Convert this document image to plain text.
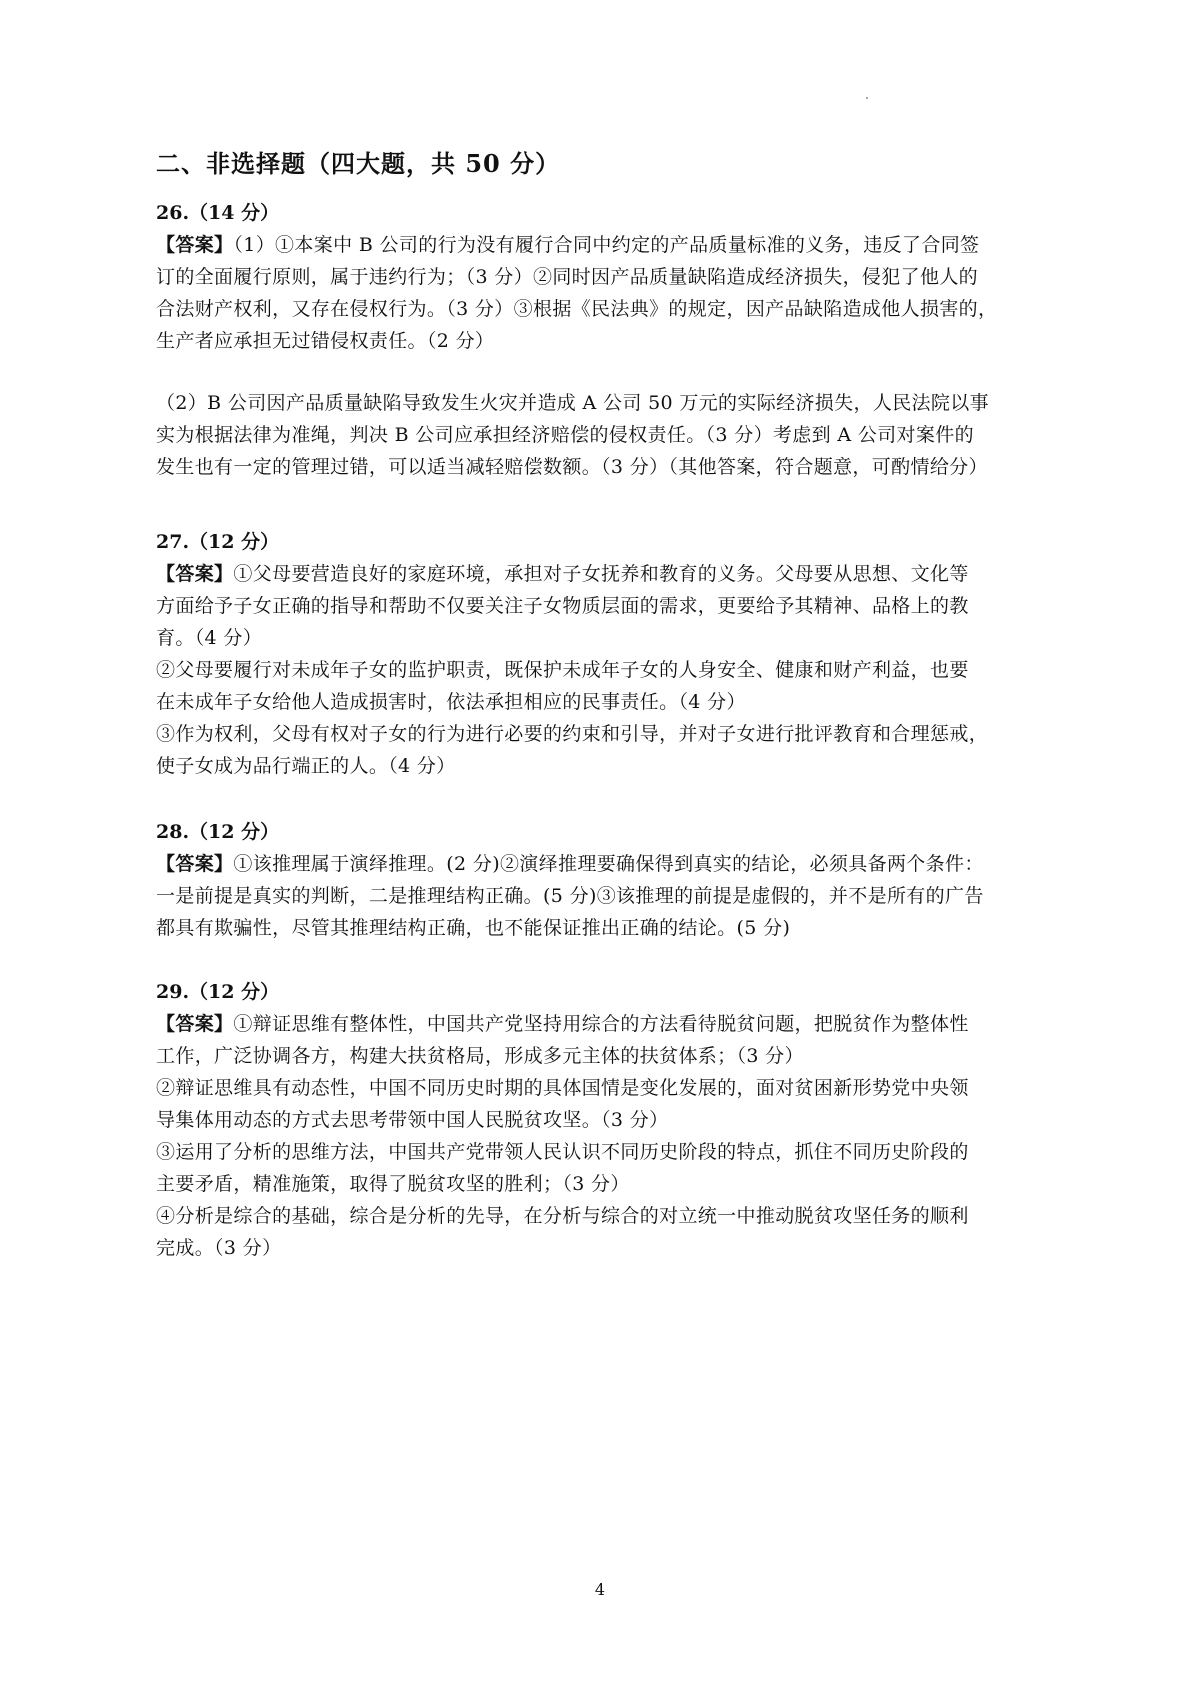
二、非选择题（四大题，共 50 分）
26.（14 分）
【答案】（1）①本案中 B 公司的行为没有履行合同中约定的产品质量标准的义务，违反了合同签
订的全面履行原则，属于违约行为；（3 分）②同时因产品质量缺陷造成经济损失，侵犯了他人的
合法财产权利，又存在侵权行为。（3 分）③根据《民法典》的规定，因产品缺陷造成他人损害的，
生产者应承担无过错侵权责任。（2 分）
（2）B 公司因产品质量缺陷导致发生火灾并造成 A 公司 50 万元的实际经济损失，人民法院以事
实为根据法律为准绳，判决 B 公司应承担经济赔偿的侵权责任。（3 分）考虑到 A 公司对案件的
发生也有一定的管理过错，可以适当减轻赔偿数额。（3 分）（其他答案，符合题意，可酌情给分）
27.（12 分）
【答案】①父母要营造良好的家庭环境，承担对子女抚养和教育的义务。父母要从思想、文化等
方面给予子女正确的指导和帮助不仅要关注子女物质层面的需求，更要给予其精神、品格上的教
育。（4 分）
②父母要履行对未成年子女的监护职责，既保护未成年子女的人身安全、健康和财产利益，也要
在未成年子女给他人造成损害时，依法承担相应的民事责任。（4 分）
③作为权利，父母有权对子女的行为进行必要的约束和引导，并对子女进行批评教育和合理惩戒，
使子女成为品行端正的人。（4 分）
28.（12 分）
【答案】①该推理属于演绎推理。(2 分)②演绎推理要确保得到真实的结论，必须具备两个条件：
一是前提是真实的判断，二是推理结构正确。(5 分)③该推理的前提是虚假的，并不是所有的广告
都具有欺骗性，尽管其推理结构正确，也不能保证推出正确的结论。(5 分)
29.（12 分）
【答案】①辩证思维有整体性，中国共产党坚持用综合的方法看待脱贫问题，把脱贫作为整体性
工作，广泛协调各方，构建大扶贫格局，形成多元主体的扶贫体系；（3 分）
②辩证思维具有动态性，中国不同历史时期的具体国情是变化发展的，面对贫困新形势党中央领
导集体用动态的方式去思考带领中国人民脱贫攻坚。（3 分）
③运用了分析的思维方法，中国共产党带领人民认识不同历史阶段的特点，抓住不同历史阶段的
主要矛盾，精准施策，取得了脱贫攻坚的胜利；（3 分）
④分析是综合的基础，综合是分析的先导，在分析与综合的对立统一中推动脱贫攻坚任务的顺利
完成。（3 分）
4
